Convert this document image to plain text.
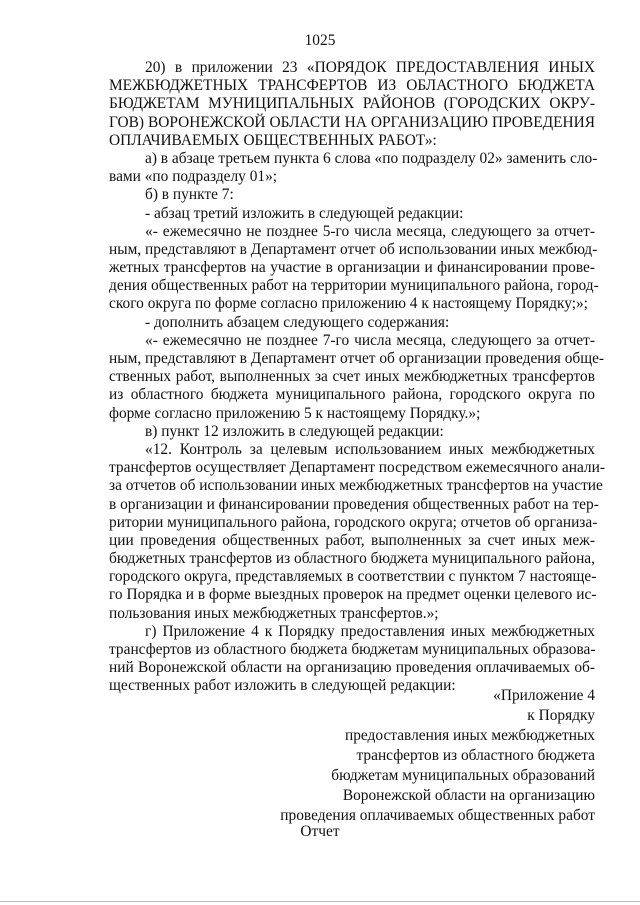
1025
20) в приложении 23 «ПОРЯДОК ПРЕДОСТАВЛЕНИЯ ИНЫХ
МЕЖБЮДЖЕТНЫХ ТРАНСФЕРТОВ ИЗ ОБЛАСТНОГО БЮДЖЕТА
БЮДЖЕТАМ МУНИЦИПАЛЬНЫХ РАЙОНОВ (ГОРОДСКИХ ОКРУ-
ГОВ) ВОРОНЕЖСКОЙ ОБЛАСТИ НА ОРГАНИЗАЦИЮ ПРОВЕДЕНИЯ
ОПЛАЧИВАЕМЫХ ОБЩЕСТВЕННЫХ РАБОТ»:
а) в абзаце третьем пункта 6 слова «по подразделу 02» заменить сло-
вами «по подразделу 01»;
б) в пункте 7:
- абзац третий изложить в следующей редакции:
«- ежемесячно не позднее 5-го числа месяца, следующего за отчет-
ным, представляют в Департамент отчет об использовании иных межбюд-
жетных трансфертов на участие в организации и финансировании прове-
дения общественных работ на территории муниципального района, город-
ского округа по форме согласно приложению 4 к настоящему Порядку;»;
- дополнить абзацем следующего содержания:
«- ежемесячно не позднее 7-го числа месяца, следующего за отчет-
ным, представляют в Департамент отчет об организации проведения обще-
ственных работ, выполненных за счет иных межбюджетных трансфертов
из областного бюджета муниципального района, городского округа по
форме согласно приложению 5 к настоящему Порядку.»;
в) пункт 12 изложить в следующей редакции:
«12. Контроль за целевым использованием иных межбюджетных
трансфертов осуществляет Департамент посредством ежемесячного анали-
за отчетов об использовании иных межбюджетных трансфертов на участие
в организации и финансировании проведения общественных работ на тер-
ритории муниципального района, городского округа; отчетов об организа-
ции проведения общественных работ, выполненных за счет иных меж-
бюджетных трансфертов из областного бюджета муниципального района,
городского округа, представляемых в соответствии с пунктом 7 настояще-
го Порядка и в форме выездных проверок на предмет оценки целевого ис-
пользования иных межбюджетных трансфертов.»;
г) Приложение 4 к Порядку предоставления иных межбюджетных
трансфертов из областного бюджета бюджетам муниципальных образова-
ний Воронежской области на организацию проведения оплачиваемых об-
щественных работ изложить в следующей редакции:
«Приложение 4
к Порядку
предоставления иных межбюджетных
трансфертов из областного бюджета
бюджетам муниципальных образований
Воронежской области на организацию
проведения оплачиваемых общественных работ
Отчет
